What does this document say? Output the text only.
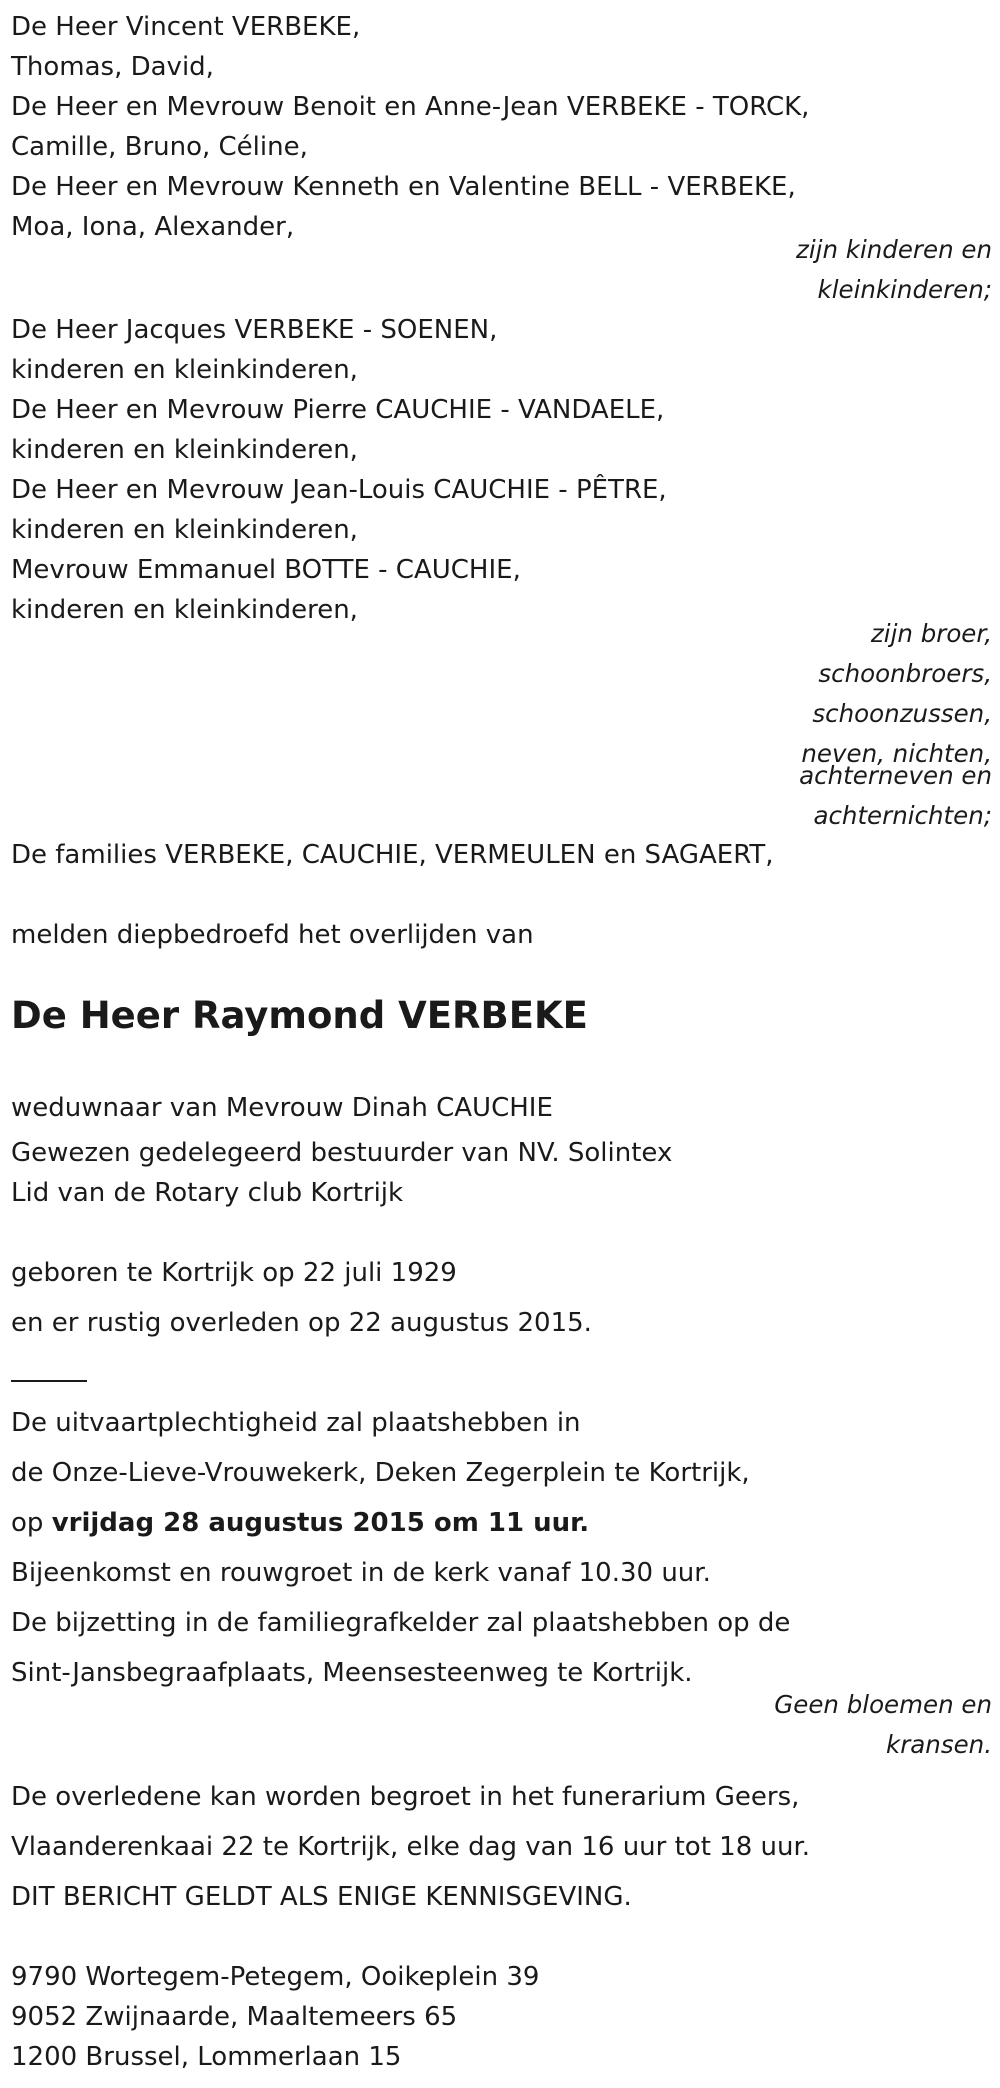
De Heer Vincent VERBEKE,

Thomas, David,

De Heer en Mevrouw Benoit en Anne-Jean VERBEKE - TORCK,

Camille, Bruno, Céline,

De Heer en Mevrouw Kenneth en Valentine BELL - VERBEKE,

Moa, Iona, Alexander,

zijn kinderen en

kleinkinderen;

De Heer Jacques VERBEKE - SOENEN,

kinderen en kleinkinderen,

De Heer en Mevrouw Pierre CAUCHIE - VANDAELE,

kinderen en kleinkinderen,

De Heer en Mevrouw Jean-Louis CAUCHIE - PÊTRE,

kinderen en kleinkinderen,

Mevrouw Emmanuel BOTTE - CAUCHIE,

kinderen en kleinkinderen,

zijn broer,

schoonbroers,

schoonzussen,

neven, nichten,

achterneven en

achternichten;

De families VERBEKE, CAUCHIE, VERMEULEN en SAGAERT,

melden diepbedroefd het overlijden van

De Heer Raymond VERBEKE

weduwnaar van Mevrouw Dinah CAUCHIE

Gewezen gedelegeerd bestuurder van NV. Solintex

Lid van de Rotary club Kortrijk

geboren te Kortrijk op 22 juli 1929

en er rustig overleden op 22 augustus 2015.

De uitvaartplechtigheid zal plaatshebben in

de Onze-Lieve-Vrouwekerk, Deken Zegerplein te Kortrijk,

op vrijdag 28 augustus 2015 om 11 uur.

Bijeenkomst en rouwgroet in de kerk vanaf 10.30 uur.

De bijzetting in de familiegrafkelder zal plaatshebben op de

Sint-Jansbegraafplaats, Meensesteenweg te Kortrijk.

Geen bloemen en

kransen.

De overledene kan worden begroet in het funerarium Geers,

Vlaanderenkaai 22 te Kortrijk, elke dag van 16 uur tot 18 uur.

DIT BERICHT GELDT ALS ENIGE KENNISGEVING.

9790 Wortegem-Petegem, Ooikeplein 39

9052 Zwijnaarde, Maaltemeers 65

1200 Brussel, Lommerlaan 15
